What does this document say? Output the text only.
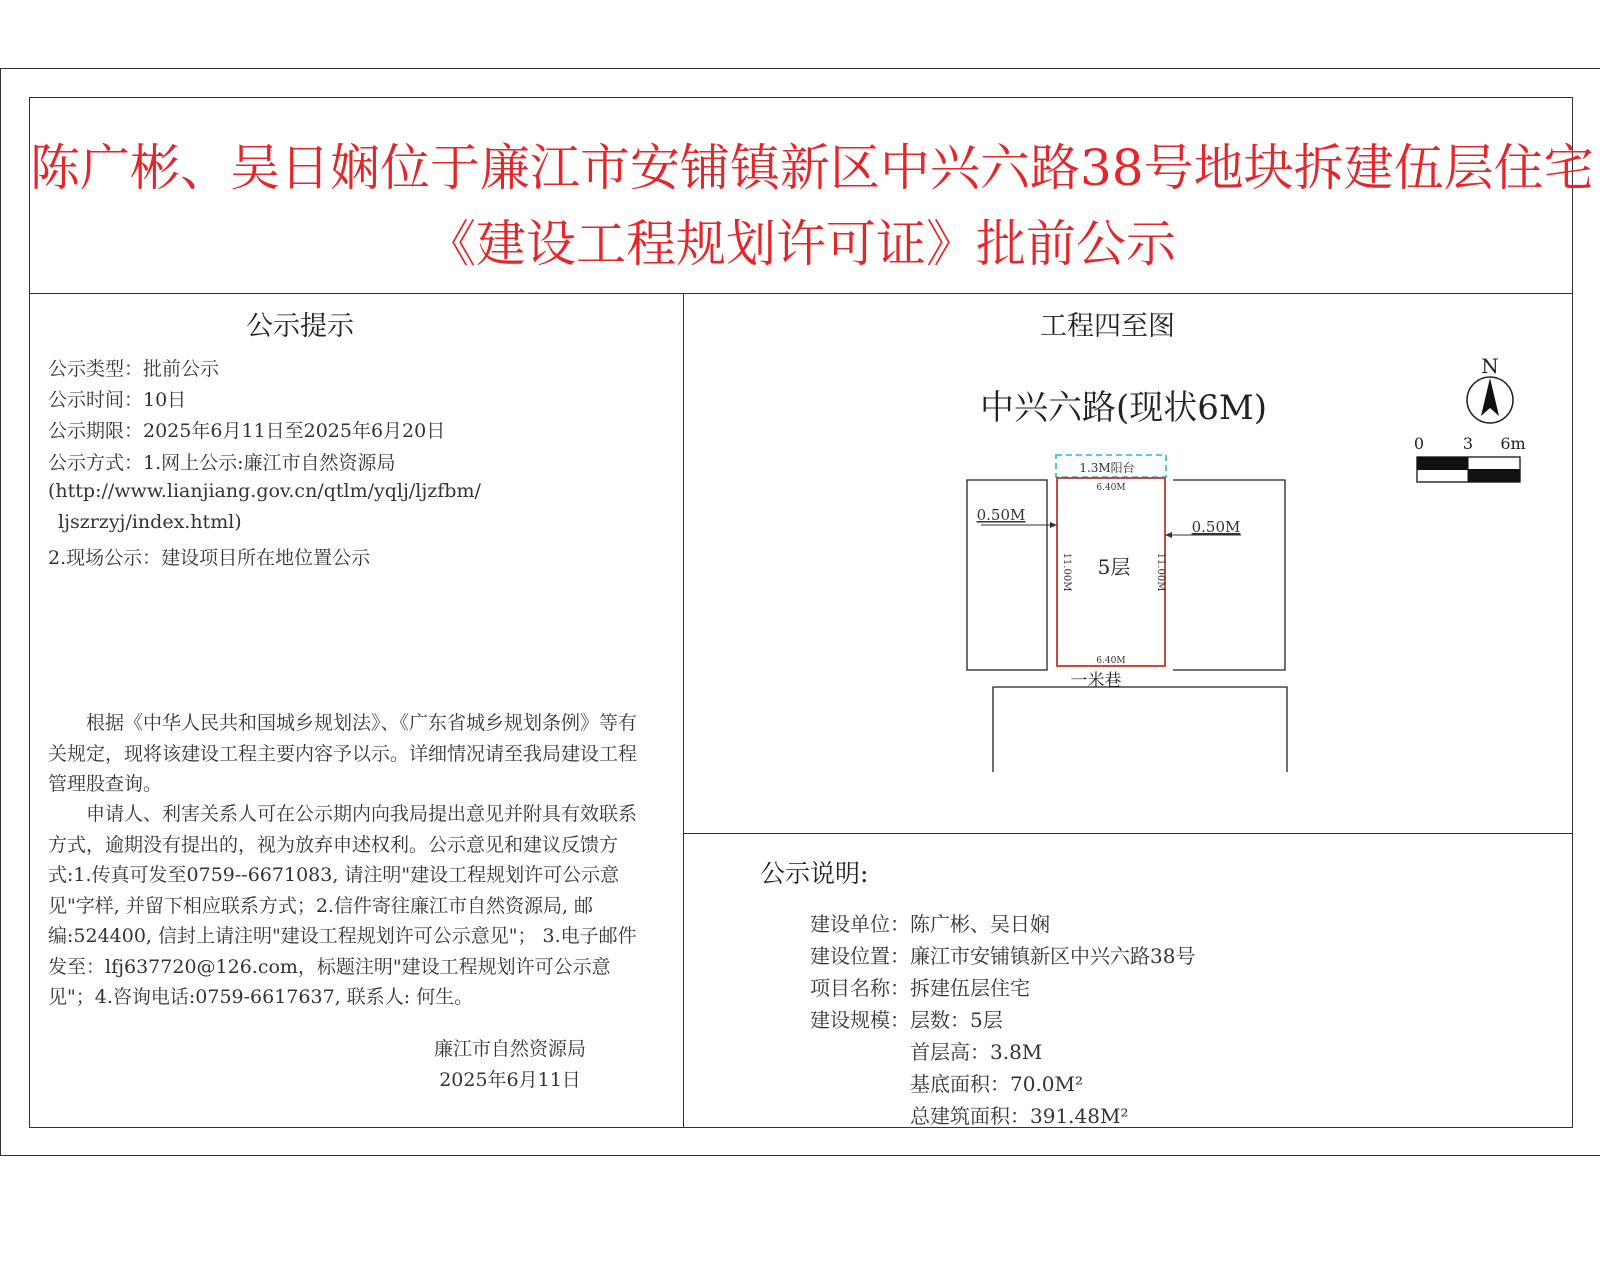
陈广彬、吴日娴位于廉江市安铺镇新区中兴六路38号地块拆建伍层住宅
《建设工程规划许可证》批前公示
公示提示
公示类型：批前公示
公示时间：10日
公示期限：2025年6月11日至2025年6月20日
公示方式：1.网上公示:廉江市自然资源局
(http://www.lianjiang.gov.cn/qtlm/yqlj/ljzfbm/
ljszrzyj/index.html)
2.现场公示：建设项目所在地位置公示
根据《中华人民共和国城乡规划法》、《广东省城乡规划条例》等有关规定，现将该建设工程主要内容予以示。详细情况请至我局建设工程管理股查询。
申请人、利害关系人可在公示期内向我局提出意见并附具有效联系方式，逾期没有提出的，视为放弃申述权利。公示意见和建议反馈方式:1.传真可发至0759--6671083, 请注明"建设工程规划许可公示意见"字样, 并留下相应联系方式；2.信件寄往廉江市自然资源局, 邮编:524400, 信封上请注明"建设工程规划许可公示意见"； 3.电子邮件发至：lfj637720@126.com，标题注明"建设工程规划许可公示意见"；4.咨询电话:0759-6617637, 联系人: 何生。
廉江市自然资源局
2025年6月11日
工程四至图
中兴六路(现状6M)
N
0 3 6m
1.3M阳台
6.40M
6.40M
0.50M
0.50M
11.00M	11.00M
5层
一米巷
公示说明:
建设单位：陈广彬、吴日娴
建设位置：廉江市安铺镇新区中兴六路38号
项目名称：拆建伍层住宅
建设规模：层数：5层
首层高：3.8M
基底面积：70.0M²
总建筑面积：391.48M²
